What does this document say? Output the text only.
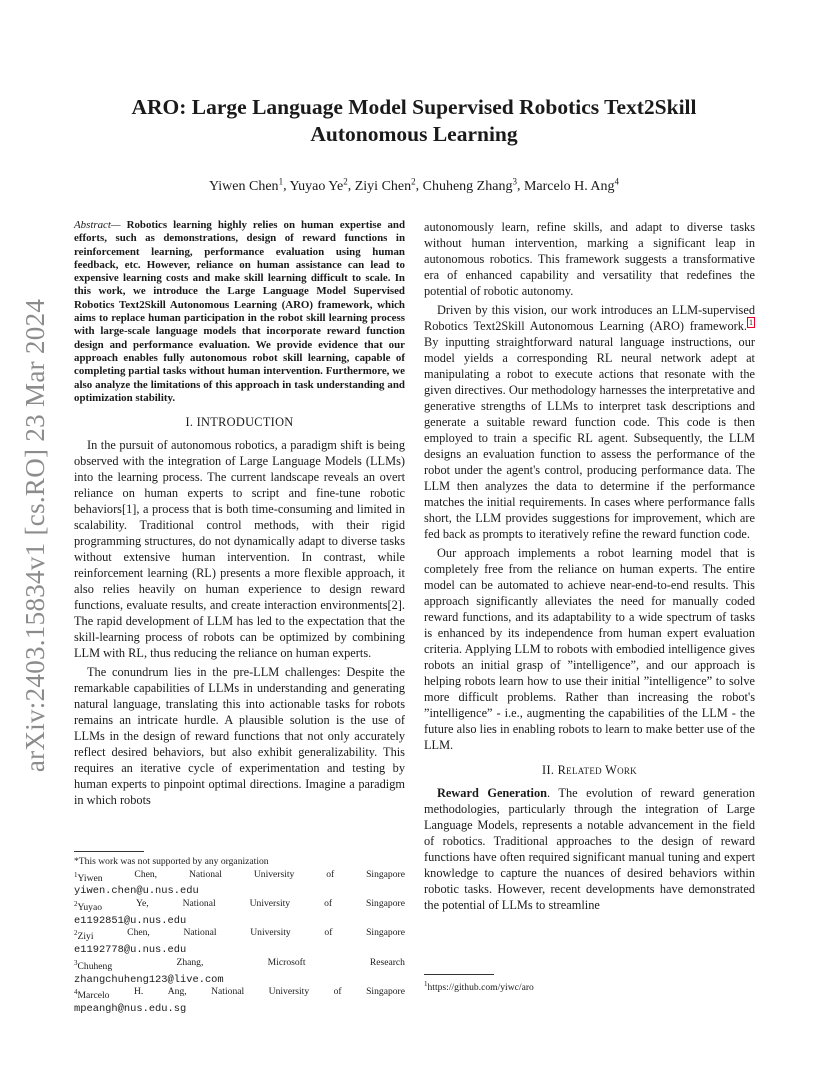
arXiv:2403.15834v1 [cs.RO] 23 Mar 2024
ARO: Large Language Model Supervised Robotics Text2Skill
Autonomous Learning
Yiwen Chen$^1$, Yuyao Ye$^2$, Ziyi Chen$^2$, Chuheng Zhang$^3$, Marcelo H. Ang$^4$

Abstract— Robotics learning highly relies on human expertise and efforts, such as demonstrations, design of reward functions in reinforcement learning, performance evaluation using human feedback, etc. However, reliance on human assistance can lead to expensive learning costs and make skill learning difficult to scale. In this work, we introduce the Large Language Model Supervised Robotics Text2Skill Autonomous Learning (ARO) framework, which aims to replace human participation in the robot skill learning process with large-scale language models that incorporate reward function design and performance evaluation. We provide evidence that our approach enables fully autonomous robot skill learning, capable of completing partial tasks without human intervention. Furthermore, we also analyze the limitations of this approach in task understanding and optimization stability.

I. INTRODUCTION

In the pursuit of autonomous robotics, a paradigm shift is being observed with the integration of Large Language Models (LLMs) into the learning process. The current landscape reveals an overt reliance on human experts to script and fine-tune robotic behaviors[1], a process that is both time-consuming and limited in scalability. Traditional control methods, with their rigid programming structures, do not dynamically adapt to diverse tasks without extensive human intervention. In contrast, while reinforcement learning (RL) presents a more flexible approach, it also relies heavily on human experience to design reward functions, evaluate results, and create interaction environments[2]. The rapid development of LLM has led to the expectation that the skill-learning process of robots can be optimized by combining LLM with RL, thus reducing the reliance on human experts.

The conundrum lies in the pre-LLM challenges: Despite the remarkable capabilities of LLMs in understanding and generating natural language, translating this into actionable tasks for robots remains an intricate hurdle. A plausible solution is the use of LLMs in the design of reward functions that not only accurately reflect desired behaviors, but also exhibit generalizability. This requires an iterative cycle of experimentation and testing by human experts to pinpoint optimal directions. Imagine a paradigm in which robots

autonomously learn, refine skills, and adapt to diverse tasks without human intervention, marking a significant leap in autonomous robotics. This framework suggests a transformative era of enhanced capability and versatility that redefines the potential of robotic autonomy.

Driven by this vision, our work introduces an LLM-supervised Robotics Text2Skill Autonomous Learning (ARO) framework. $^1$ By inputting straightforward natural language instructions, our model yields a corresponding RL neural network adept at manipulating a robot to execute actions that resonate with the given directives. Our methodology harnesses the interpretative and generative strengths of LLMs to interpret task descriptions and generate a suitable reward function code. This code is then employed to train a specific RL agent. Subsequently, the LLM designs an evaluation function to assess the performance of the robot under the agent's control, producing performance data. The LLM then analyzes the data to determine if the performance matches the initial requirements. In cases where performance falls short, the LLM provides suggestions for improvement, which are fed back as prompts to iteratively refine the reward function code.

Our approach implements a robot learning model that is completely free from the reliance on human experts. The entire model can be automated to achieve near-end-to-end results. This approach significantly alleviates the need for manually coded reward functions, and its adaptability to a wide spectrum of tasks is enhanced by its independence from human expert evaluation criteria. Applying LLM to robots with embodied intelligence gives robots an initial grasp of ”intelligence”, and our approach is helping robots learn how to use their initial ”intelligence” to solve more difficult problems. Rather than increasing the robot's ”intelligence” - i.e., augmenting the capabilities of the LLM - the future also lies in enabling robots to learn to make better use of the LLM.

II. Related Work

Reward Generation. The evolution of reward generation methodologies, particularly through the integration of Large Language Models, represents a notable advancement in the field of robotics. Traditional approaches to the design of reward functions have often required significant manual tuning and expert knowledge to capture the nuances of desired behaviors within robotic tasks. However, recent developments have demonstrated the potential of LLMs to streamline

*This work was not supported by any organization
$^1$Yiwen	Chen,	National	University	of	Singapore
yiwen.chen@u.nus.edu
$^2$Yuyao	Ye,	National	University	of	Singapore
e1192851@u.nus.edu
$^2$Ziyi	Chen,	National	University	of	Singapore
e1192778@u.nus.edu
$^3$Chuheng	Zhang,	Microsoft	Research
zhangchuheng123@live.com
$^4$Marcelo	H.	Ang,	National	University	of	Singapore
mpeangh@nus.edu.sg
$^1$https://github.com/yiwc/aro
